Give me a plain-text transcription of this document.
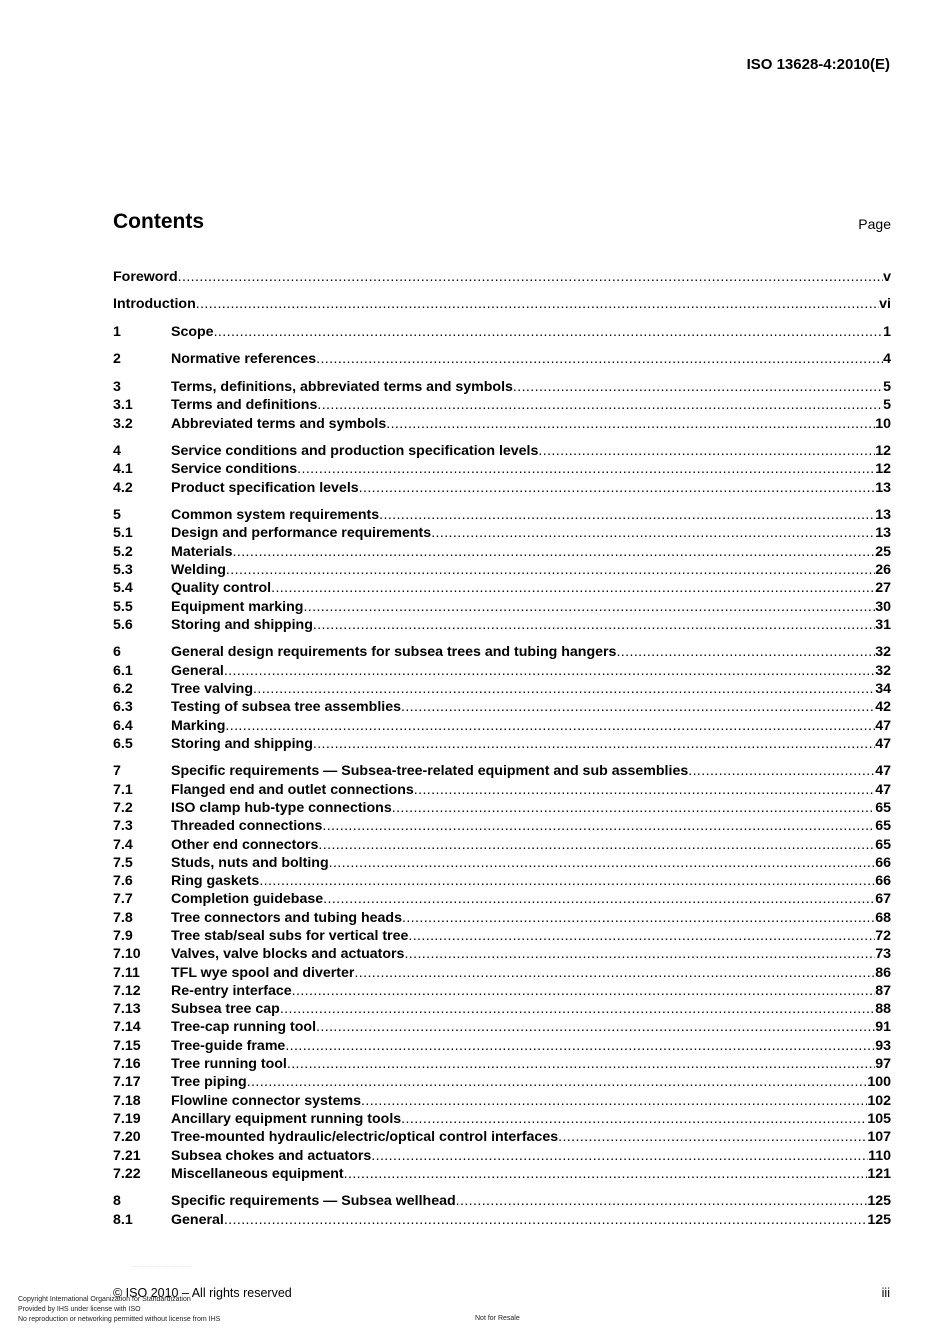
ISO 13628-4:2010(E)
Contents	Page
Foreword .....	v
Introduction .....	vi
1	Scope .....	1
2	Normative references .....	4
3	Terms, definitions, abbreviated terms and symbols .....	5
3.1	Terms and definitions .....	5
3.2	Abbreviated terms and symbols .....	10
4	Service conditions and production specification levels .....	12
4.1	Service conditions .....	12
4.2	Product specification levels .....	13
5	Common system requirements .....	13
5.1	Design and performance requirements .....	13
5.2	Materials .....	25
5.3	Welding .....	26
5.4	Quality control .....	27
5.5	Equipment marking .....	30
5.6	Storing and shipping .....	31
6	General design requirements for subsea trees and tubing hangers .....	32
6.1	General .....	32
6.2	Tree valving .....	34
6.3	Testing of subsea tree assemblies .....	42
6.4	Marking .....	47
6.5	Storing and shipping .....	47
7	Specific requirements — Subsea-tree-related equipment and sub assemblies .....	47
7.1	Flanged end and outlet connections .....	47
7.2	ISO clamp hub-type connections .....	65
7.3	Threaded connections .....	65
7.4	Other end connectors .....	65
7.5	Studs, nuts and bolting .....	66
7.6	Ring gaskets .....	66
7.7	Completion guidebase .....	67
7.8	Tree connectors and tubing heads .....	68
7.9	Tree stab/seal subs for vertical tree .....	72
7.10	Valves, valve blocks and actuators .....	73
7.11	TFL wye spool and diverter .....	86
7.12	Re-entry interface .....	87
7.13	Subsea tree cap .....	88
7.14	Tree-cap running tool .....	91
7.15	Tree-guide frame .....	93
7.16	Tree running tool .....	97
7.17	Tree piping .....	100
7.18	Flowline connector systems .....	102
7.19	Ancillary equipment running tools .....	105
7.20	Tree-mounted hydraulic/electric/optical control interfaces .....	107
7.21	Subsea chokes and actuators .....	110
7.22	Miscellaneous equipment .....	121
8	Specific requirements — Subsea wellhead .....	125
8.1	General .....	125
.......................
© ISO 2010 – All rights reserved	iii
Copyright International Organization for Standardization
Provided by IHS under license with ISO
No reproduction or networking permitted without license from IHS	Not for Resale
